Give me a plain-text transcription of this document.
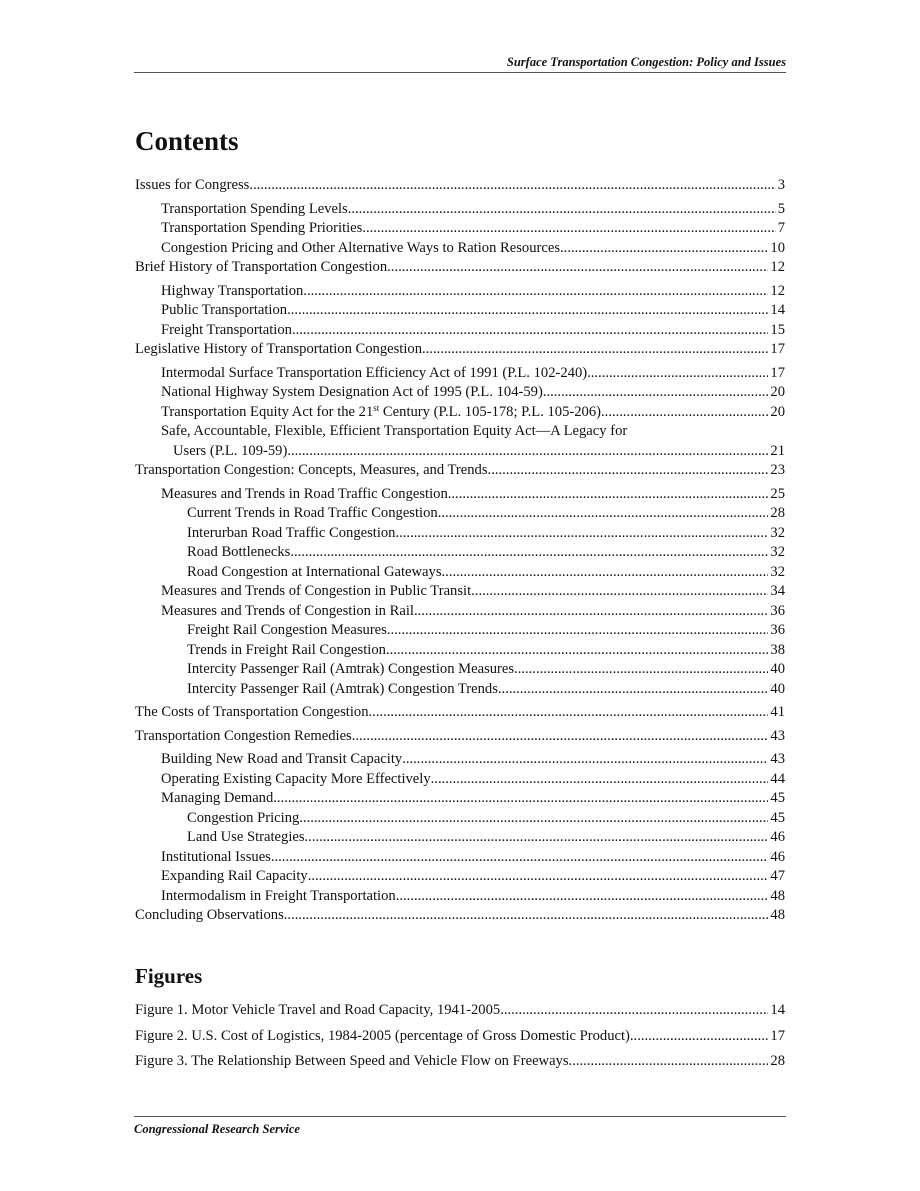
Surface Transportation Congestion: Policy and Issues
Contents
Issues for Congress .....	3
Transportation Spending Levels .....	5
Transportation Spending Priorities .....	7
Congestion Pricing and Other Alternative Ways to Ration Resources .....	10
Brief History of Transportation Congestion .....	12
Highway Transportation .....	12
Public Transportation .....	14
Freight Transportation .....	15
Legislative History of Transportation Congestion .....	17
Intermodal Surface Transportation Efficiency Act of 1991 (P.L. 102-240) .....	17
National Highway System Designation Act of 1995 (P.L. 104-59) .....	20
Transportation Equity Act for the 21st Century (P.L. 105-178; P.L. 105-206) .....	20
Safe, Accountable, Flexible, Efficient Transportation Equity Act—A Legacy for
Users (P.L. 109-59) .....	21
Transportation Congestion: Concepts, Measures, and Trends .....	23
Measures and Trends in Road Traffic Congestion .....	25
Current Trends in Road Traffic Congestion .....	28
Interurban Road Traffic Congestion .....	32
Road Bottlenecks .....	32
Road Congestion at International Gateways .....	32
Measures and Trends of Congestion in Public Transit .....	34
Measures and Trends of Congestion in Rail .....	36
Freight Rail Congestion Measures .....	36
Trends in Freight Rail Congestion .....	38
Intercity Passenger Rail (Amtrak) Congestion Measures .....	40
Intercity Passenger Rail (Amtrak) Congestion Trends .....	40
The Costs of Transportation Congestion .....	41
Transportation Congestion Remedies .....	43
Building New Road and Transit Capacity .....	43
Operating Existing Capacity More Effectively .....	44
Managing Demand .....	45
Congestion Pricing .....	45
Land Use Strategies .....	46
Institutional Issues .....	46
Expanding Rail Capacity .....	47
Intermodalism in Freight Transportation .....	48
Concluding Observations .....	48
Figures
Figure 1. Motor Vehicle Travel and Road Capacity, 1941-2005 .....	14
Figure 2. U.S. Cost of Logistics, 1984-2005 (percentage of Gross Domestic Product) .....	17
Figure 3. The Relationship Between Speed and Vehicle Flow on Freeways .....	28
Congressional Research Service
